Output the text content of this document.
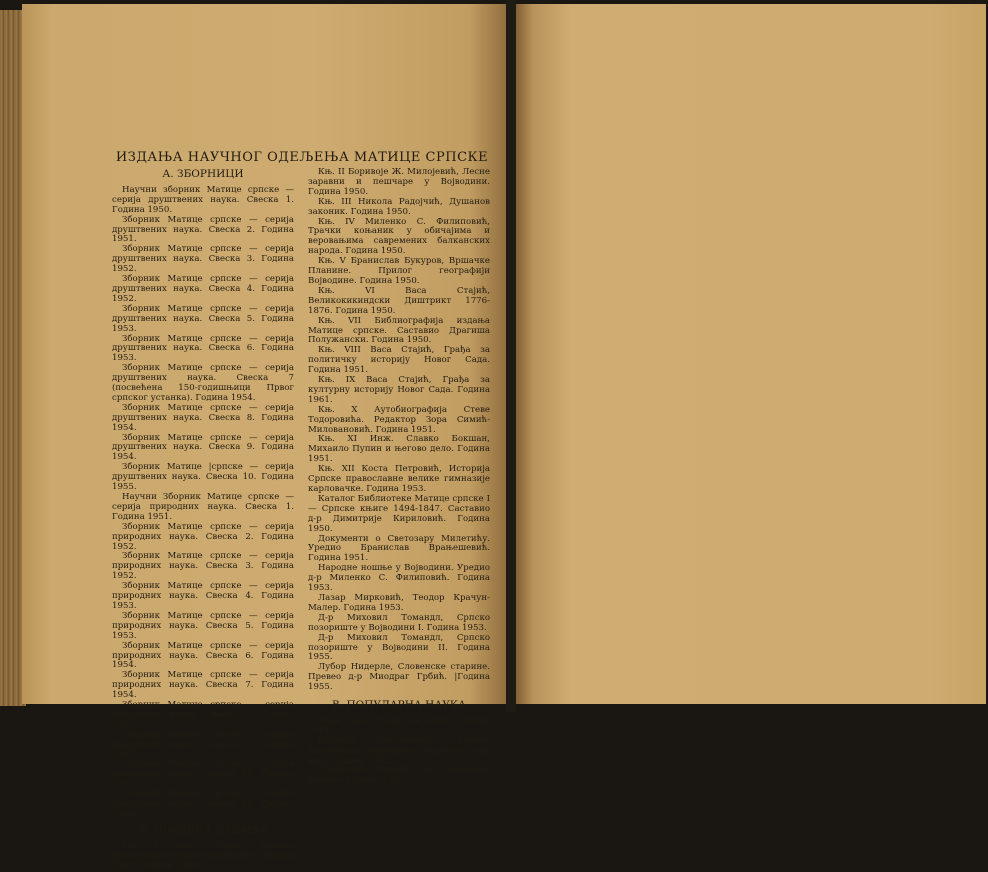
ИЗДАЊА НАУЧНОГ ОДЕЉЕЊА МАТИЦЕ СРПСКЕ
А. ЗБОРНИЦИ

Научни зборник Матице српске — серија друштвених наука. Свеска 1. Година 1950.

Зборник Матице српске — серија друштвених наука. Свеска 2. Година 1951.

Зборник Матице српске — серија друштвених наука. Свеска 3. Година 1952.

Зборник Матице српске — серија друштвених наука. Свеска 4. Година 1952.

Зборник Матице српске — серија друштвених наука. Свеска 5. Година 1953.

Зборник Матице српске — серија друштвених наука. Свеска 6. Година 1953.

Зборник Матице српске — серија друштвених наука. Свеска 7 (посвећена 150-годишњици Првог српског устанка). Година 1954.

Зборник Матице српске — серија друштвених наука. Свеска 8. Година 1954.

Зборник Матице српске — серија друштвених наука. Свеска 9. Година 1954.

Зборник Матице |српске — серија друштвених наука. Свеска 10. Година 1955.

Научни Зборник Матице српске — серија природних наука. Свеска 1. Година 1951.

Зборник Матице српске — серија природних наука. Свеска 2. Година 1952.

Зборник Матице српске — серија природних наука. Свеска 3. Година 1952.

Зборник Матице српске — серија природних наука. Свеска 4. Година 1953.

Зборник Матице српске — серија природних наука. Свеска 5. Година 1953.

Зборник Матице српске — серија природних наука. Свеска 6. Година 1954.

Зборник Матице српске — серија природних наука. Свеска 7. Година 1954.

Зборник Матице српске — серија природних наука. Свеска 8. Година 1955.

Зборник Матице српске — серија природних наука. Свеска 9. Година 1955.

Зборник Матице српске — серија природних наука. Свеска 10. Година 1956.

Зборник Матице српске — серија природних наука. Свеска 11. Година 1956.

Б. ПОСЕБНА ИЗДАЊА

Књ. I Васа Стајић, Српска православна велика гимназија у Новом Саду. Година 1949.

Књ. II Боривоје Ж. Милојевић, Лесне заравни и пешчаре у Војводини. Година 1950.

Књ. III Никола Радојчић, Душанов законик. Година 1950.

Књ. IV Миленко С. Филиповић, Трачки коњаник у обичајима и веровањима савремених балканских народа. Година 1950.

Књ. V Бранислав Букуров, Вршачке Планине. Прилог географији Војводине. Година 1950.

Књ. VI Васа Стајић, Великокикиндски Диштрикт 1776-1876. Година 1950.

Књ. VII Библиографија издања Матице српске. Саставио Драгиша Полужански. Година 1950.

Књ. VIII Васа Стајић, Грађа за политичку историју Новог Сада. Година 1951.

Књ. IX Васа Стајић, Грађа за културну историју Новог Сада. Година 1961.

Књ. X Аутобиографија Стеве Тодоровића. Редактор Зора Симић-Миловановић. Година 1951.

Књ. XI Инж. Славко Бокшан, Михаило Пупин и његово дело. Година 1951.

Књ. XII Коста Петровић, Историја Српске православне велике гимназије карловачке. Година 1953.

Каталог Библиотеке Матице српске I — Српске књиге 1494-1847. Саставио д-р Димитрије Кириловић. Година 1950.

Документи о Светозару Милетићу. Уредио Бранислав Врањешевић. Година 1951.

Народне ношње у Војводини. Уредио д-р Миленко С. Филиповић. Година 1953.

Лазар Мирковић, Теодор Крачун-Малер. Година 1953.

Д-р Миховил Томандл, Српско позориште у Војводини I. Година 1953.

Д-р Миховил Томандл, Српско позориште у Војводини II. Година 1955.

Лубор Нидерле, Словенске старине. Превео д-р Миодраг Грбић. |Година 1955.

В. ПОПУЛАРНА НАУКА

Иван Ђаја, Људи на води. Година 1951.

Боривој Максимовић, Велика путовања и географска открића (Стари век.) Година 1952.

Светислав Марић, На изворима физике. Година 1952.
